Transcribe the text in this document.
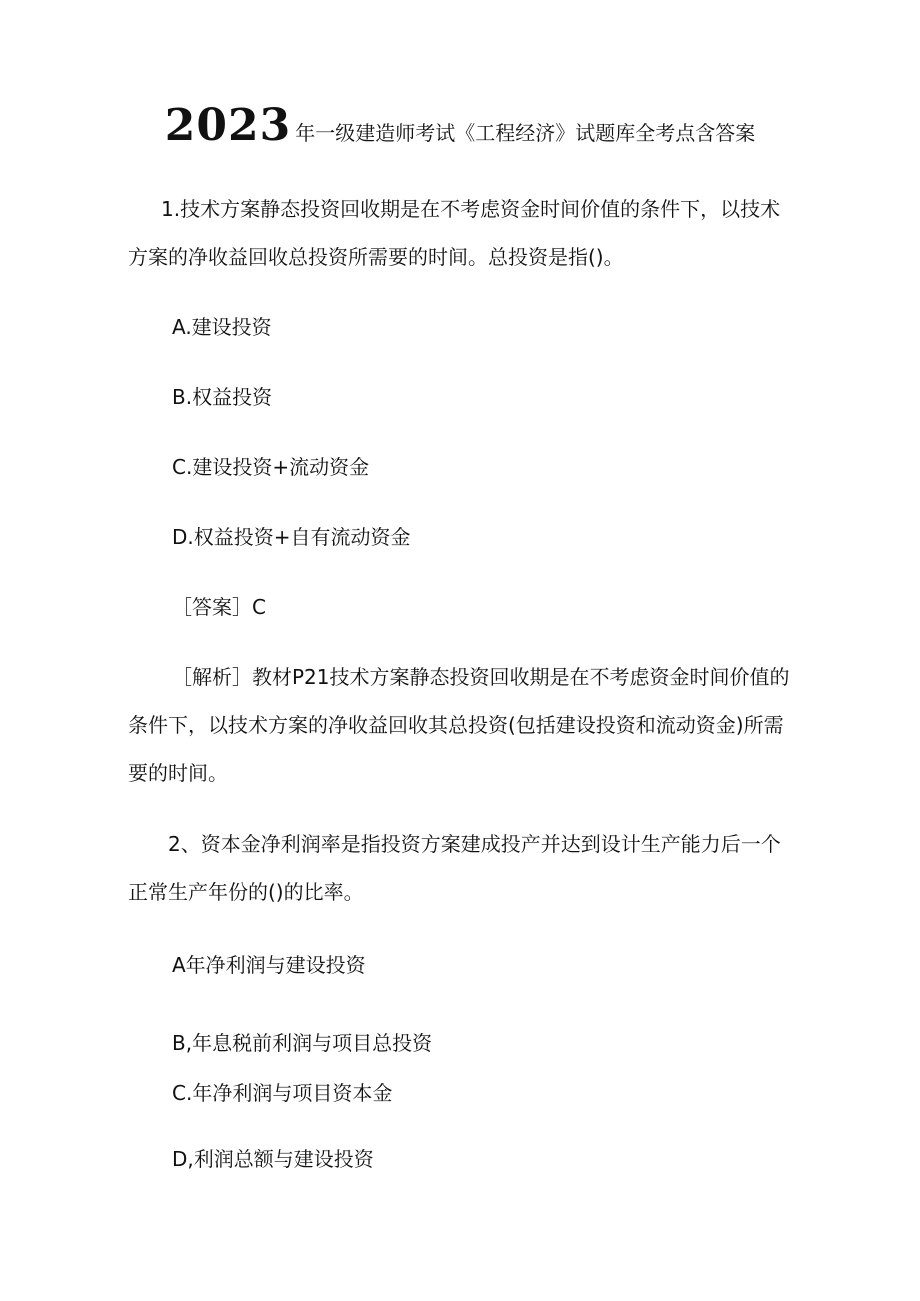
2023 年一级建造师考试《工程经济》试题库全考点含答案
1.技术方案静态投资回收期是在不考虑资金时间价值的条件下，以技术方案的净收益回收总投资所需要的时间。总投资是指()。
A.建设投资
B.权益投资
C.建设投资+流动资金
D.权益投资+自有流动资金
［答案］C
［解析］教材P21技术方案静态投资回收期是在不考虑资金时间价值的条件下，以技术方案的净收益回收其总投资(包括建设投资和流动资金)所需要的时间。
2、资本金净利润率是指投资方案建成投产并达到设计生产能力后一个正常生产年份的()的比率。
A年净利润与建设投资
B,年息税前利润与项目总投资
C.年净利润与项目资本金
D,利润总额与建设投资
